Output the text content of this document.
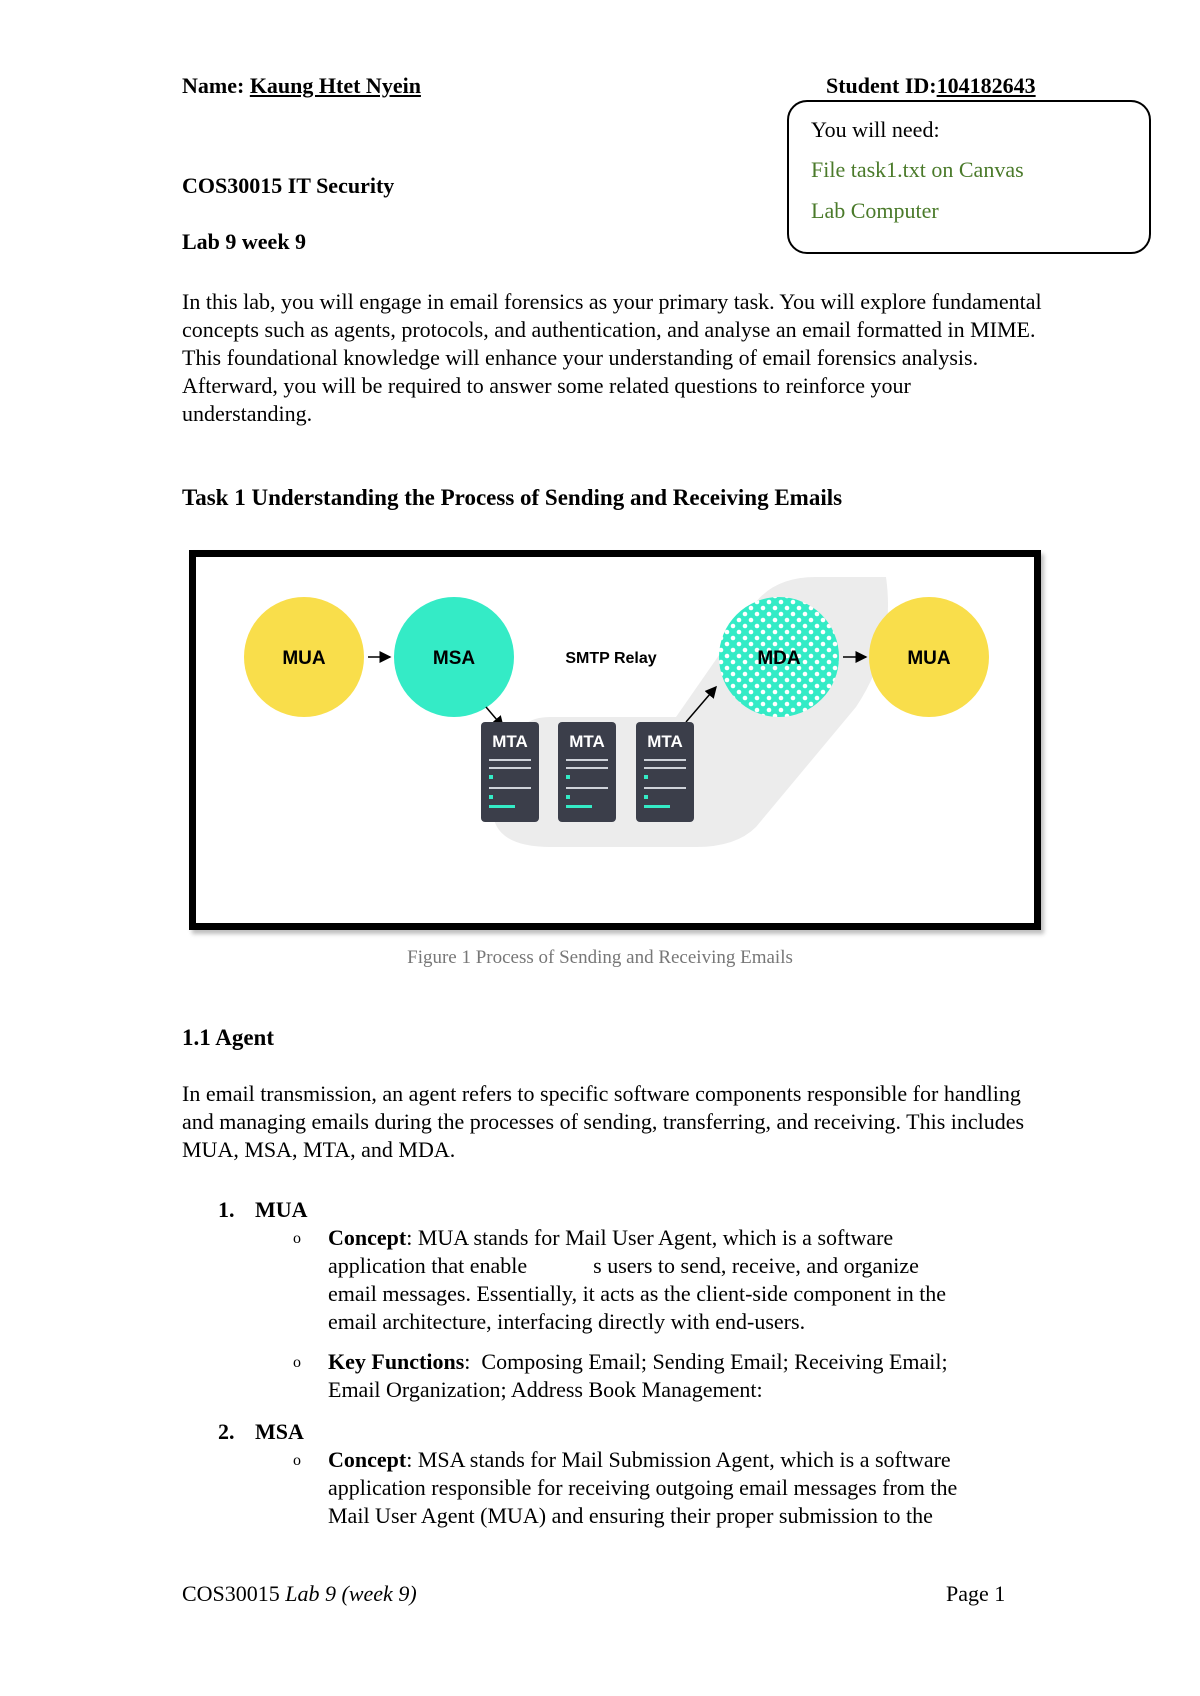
Name: Kaung Htet Nyein	Student ID:104182643
You will need:
File task1.txt on Canvas
Lab Computer
COS30015 IT Security
Lab 9 week 9
In this lab, you will engage in email forensics as your primary task. You will explore fundamental concepts such as agents, protocols, and authentication, and analyse an email formatted in MIME. This foundational knowledge will enhance your understanding of email forensics analysis. Afterward, you will be required to answer some related questions to reinforce your understanding.
Task 1 Understanding the Process of Sending and Receiving Emails
MUA	MSA	MDA	MUA
SMTP Relay
MTA MTA MTA
Figure 1 Process of Sending and Receiving Emails
1.1 Agent
In email transmission, an agent refers to specific software components responsible for handling and managing emails during the processes of sending, transferring, and receiving. This includes MUA, MSA, MTA, and MDA.
1. MUA
o Concept: MUA stands for Mail User Agent, which is a software
application that enable            s users to send, receive, and organize
email messages. Essentially, it acts as the client-side component in the
email architecture, interfacing directly with end-users.
o Key Functions:  Composing Email; Sending Email; Receiving Email;
Email Organization; Address Book Management:
2. MSA
o Concept: MSA stands for Mail Submission Agent, which is a software
application responsible for receiving outgoing email messages from the
Mail User Agent (MUA) and ensuring their proper submission to the
COS30015 Lab 9 (week 9)	Page 1
